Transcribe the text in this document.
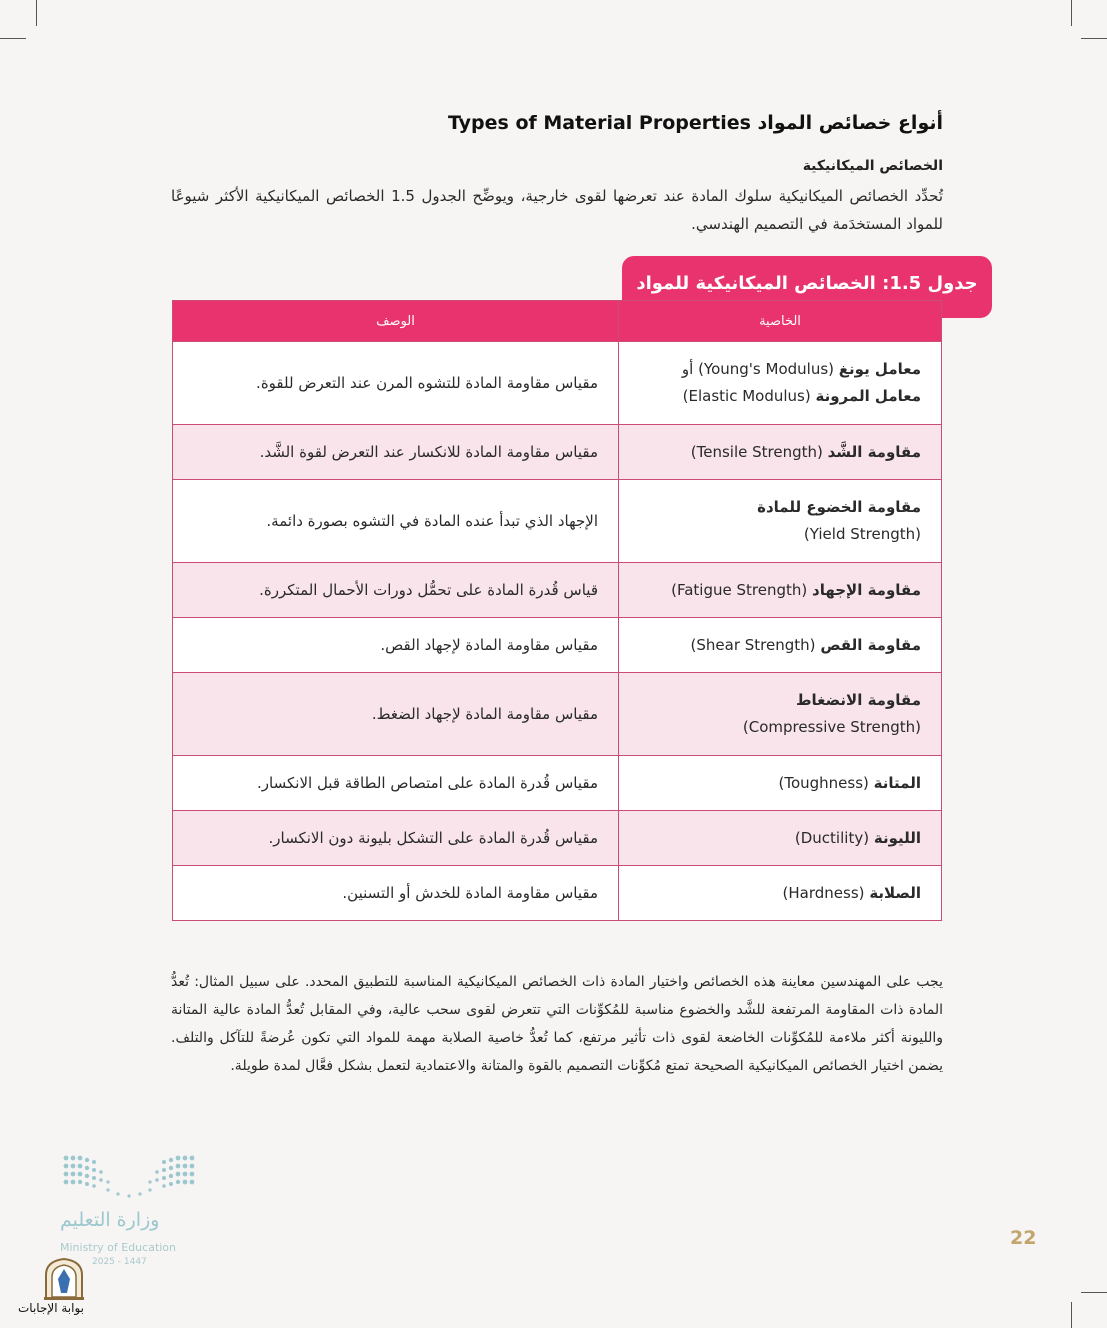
أنواع خصائص المواد Types of Material Properties
الخصائص الميكانيكية
تُحدِّد الخصائص الميكانيكية سلوك المادة عند تعرضها لقوى خارجية، ويوضِّح الجدول 1.5 الخصائص الميكانيكية الأكثر شيوعًا للمواد المستخدَمة في التصميم الهندسي.
جدول 1.5: الخصائص الميكانيكية للمواد
الخاصية	الوصف
معامل يونغ (Young's Modulus) أو
معامل المرونة (Elastic Modulus)	مقياس مقاومة المادة للتشوه المرن عند التعرض للقوة.
مقاومة الشَّد (Tensile Strength)	مقياس مقاومة المادة للانكسار عند التعرض لقوة الشَّد.
مقاومة الخضوع للمادة
(Yield Strength)	الإجهاد الذي تبدأ عنده المادة في التشوه بصورة دائمة.
مقاومة الإجهاد (Fatigue Strength)	قياس قُدرة المادة على تحمُّل دورات الأحمال المتكررة.
مقاومة القص (Shear Strength)	مقياس مقاومة المادة لإجهاد القص.
مقاومة الانضغاط
(Compressive Strength)	مقياس مقاومة المادة لإجهاد الضغط.
المتانة (Toughness)	مقياس قُدرة المادة على امتصاص الطاقة قبل الانكسار.
الليونة (Ductility)	مقياس قُدرة المادة على التشكل بليونة دون الانكسار.
الصلابة (Hardness)	مقياس مقاومة المادة للخدش أو التسنين.
يجب على المهندسين معاينة هذه الخصائص واختيار المادة ذات الخصائص الميكانيكية المناسبة للتطبيق المحدد. على سبيل المثال: تُعدُّ المادة ذات المقاومة المرتفعة للشَّد والخضوع مناسبة للمُكوِّنات التي تتعرض لقوى سحب عالية، وفي المقابل تُعدُّ المادة عالية المتانة والليونة أكثر ملاءمة للمُكوِّنات الخاضعة لقوى ذات تأثير مرتفع، كما تُعدُّ خاصية الصلابة مهمة للمواد التي تكون عُرضةً للتآكل والتلف. يضمن اختيار الخصائص الميكانيكية الصحيحة تمتع مُكوِّنات التصميم بالقوة والمتانة والاعتمادية لتعمل بشكل فعَّال لمدة طويلة.
وزارة التعليم
Ministry of Education
2025 - 1447
22
بوابة الإجابات
